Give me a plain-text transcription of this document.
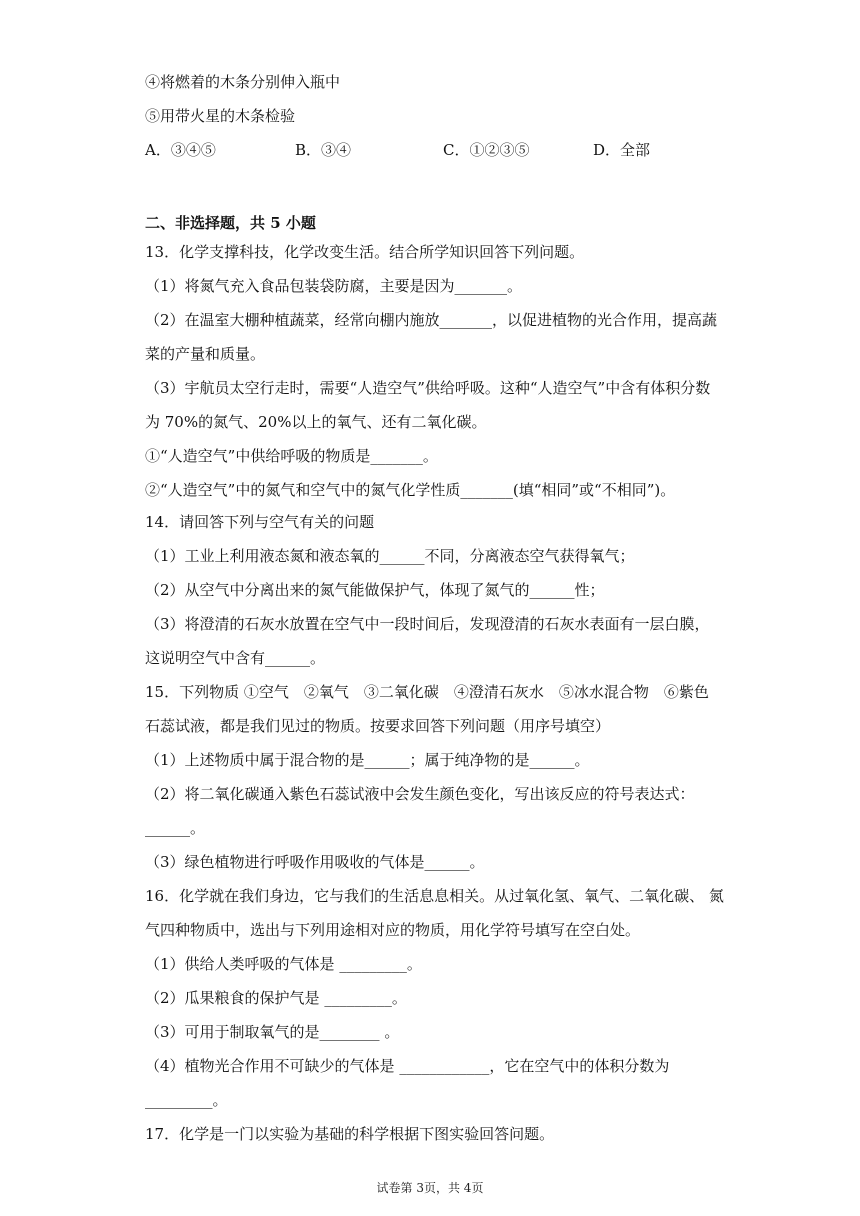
④将燃着的木条分别伸入瓶中
⑤用带火星的木条检验
A．③④⑤	B．③④	C．①②③⑤	D．全部
二、非选择题，共 5 小题
13．化学支撑科技，化学改变生活。结合所学知识回答下列问题。
（1）将氮气充入食品包装袋防腐，主要是因为_______。
（2）在温室大棚种植蔬菜，经常向棚内施放_______，以促进植物的光合作用，提高蔬
菜的产量和质量。
（3）宇航员太空行走时，需要“人造空气”供给呼吸。这种“人造空气”中含有体积分数
为 70%的氮气、20%以上的氧气、还有二氧化碳。
①“人造空气”中供给呼吸的物质是_______。
②“人造空气”中的氮气和空气中的氮气化学性质_______(填“相同”或“不相同”)。
14．请回答下列与空气有关的问题
（1）工业上利用液态氮和液态氧的______不同，分离液态空气获得氧气；
（2）从空气中分离出来的氮气能做保护气，体现了氮气的______性；
（3）将澄清的石灰水放置在空气中一段时间后，发现澄清的石灰水表面有一层白膜，
这说明空气中含有______。
15．下列物质 ①空气　②氧气　③二氧化碳　④澄清石灰水　⑤冰水混合物　⑥紫色
石蕊试液，都是我们见过的物质。按要求回答下列问题（用序号填空）
（1）上述物质中属于混合物的是______；属于纯净物的是______。
（2）将二氧化碳通入紫色石蕊试液中会发生颜色变化，写出该反应的符号表达式：
______。
（3）绿色植物进行呼吸作用吸收的气体是______。
16．化学就在我们身边，它与我们的生活息息相关。从过氧化氢、氧气、二氧化碳、 氮
气四种物质中，选出与下列用途相对应的物质，用化学符号填写在空白处。
（1）供给人类呼吸的气体是 _________。
（2）瓜果粮食的保护气是 _________。
（3）可用于制取氧气的是________ 。
（4）植物光合作用不可缺少的气体是 ____________，它在空气中的体积分数为
_________。
17．化学是一门以实验为基础的科学根据下图实验回答问题。
试卷第 3页，共 4页
